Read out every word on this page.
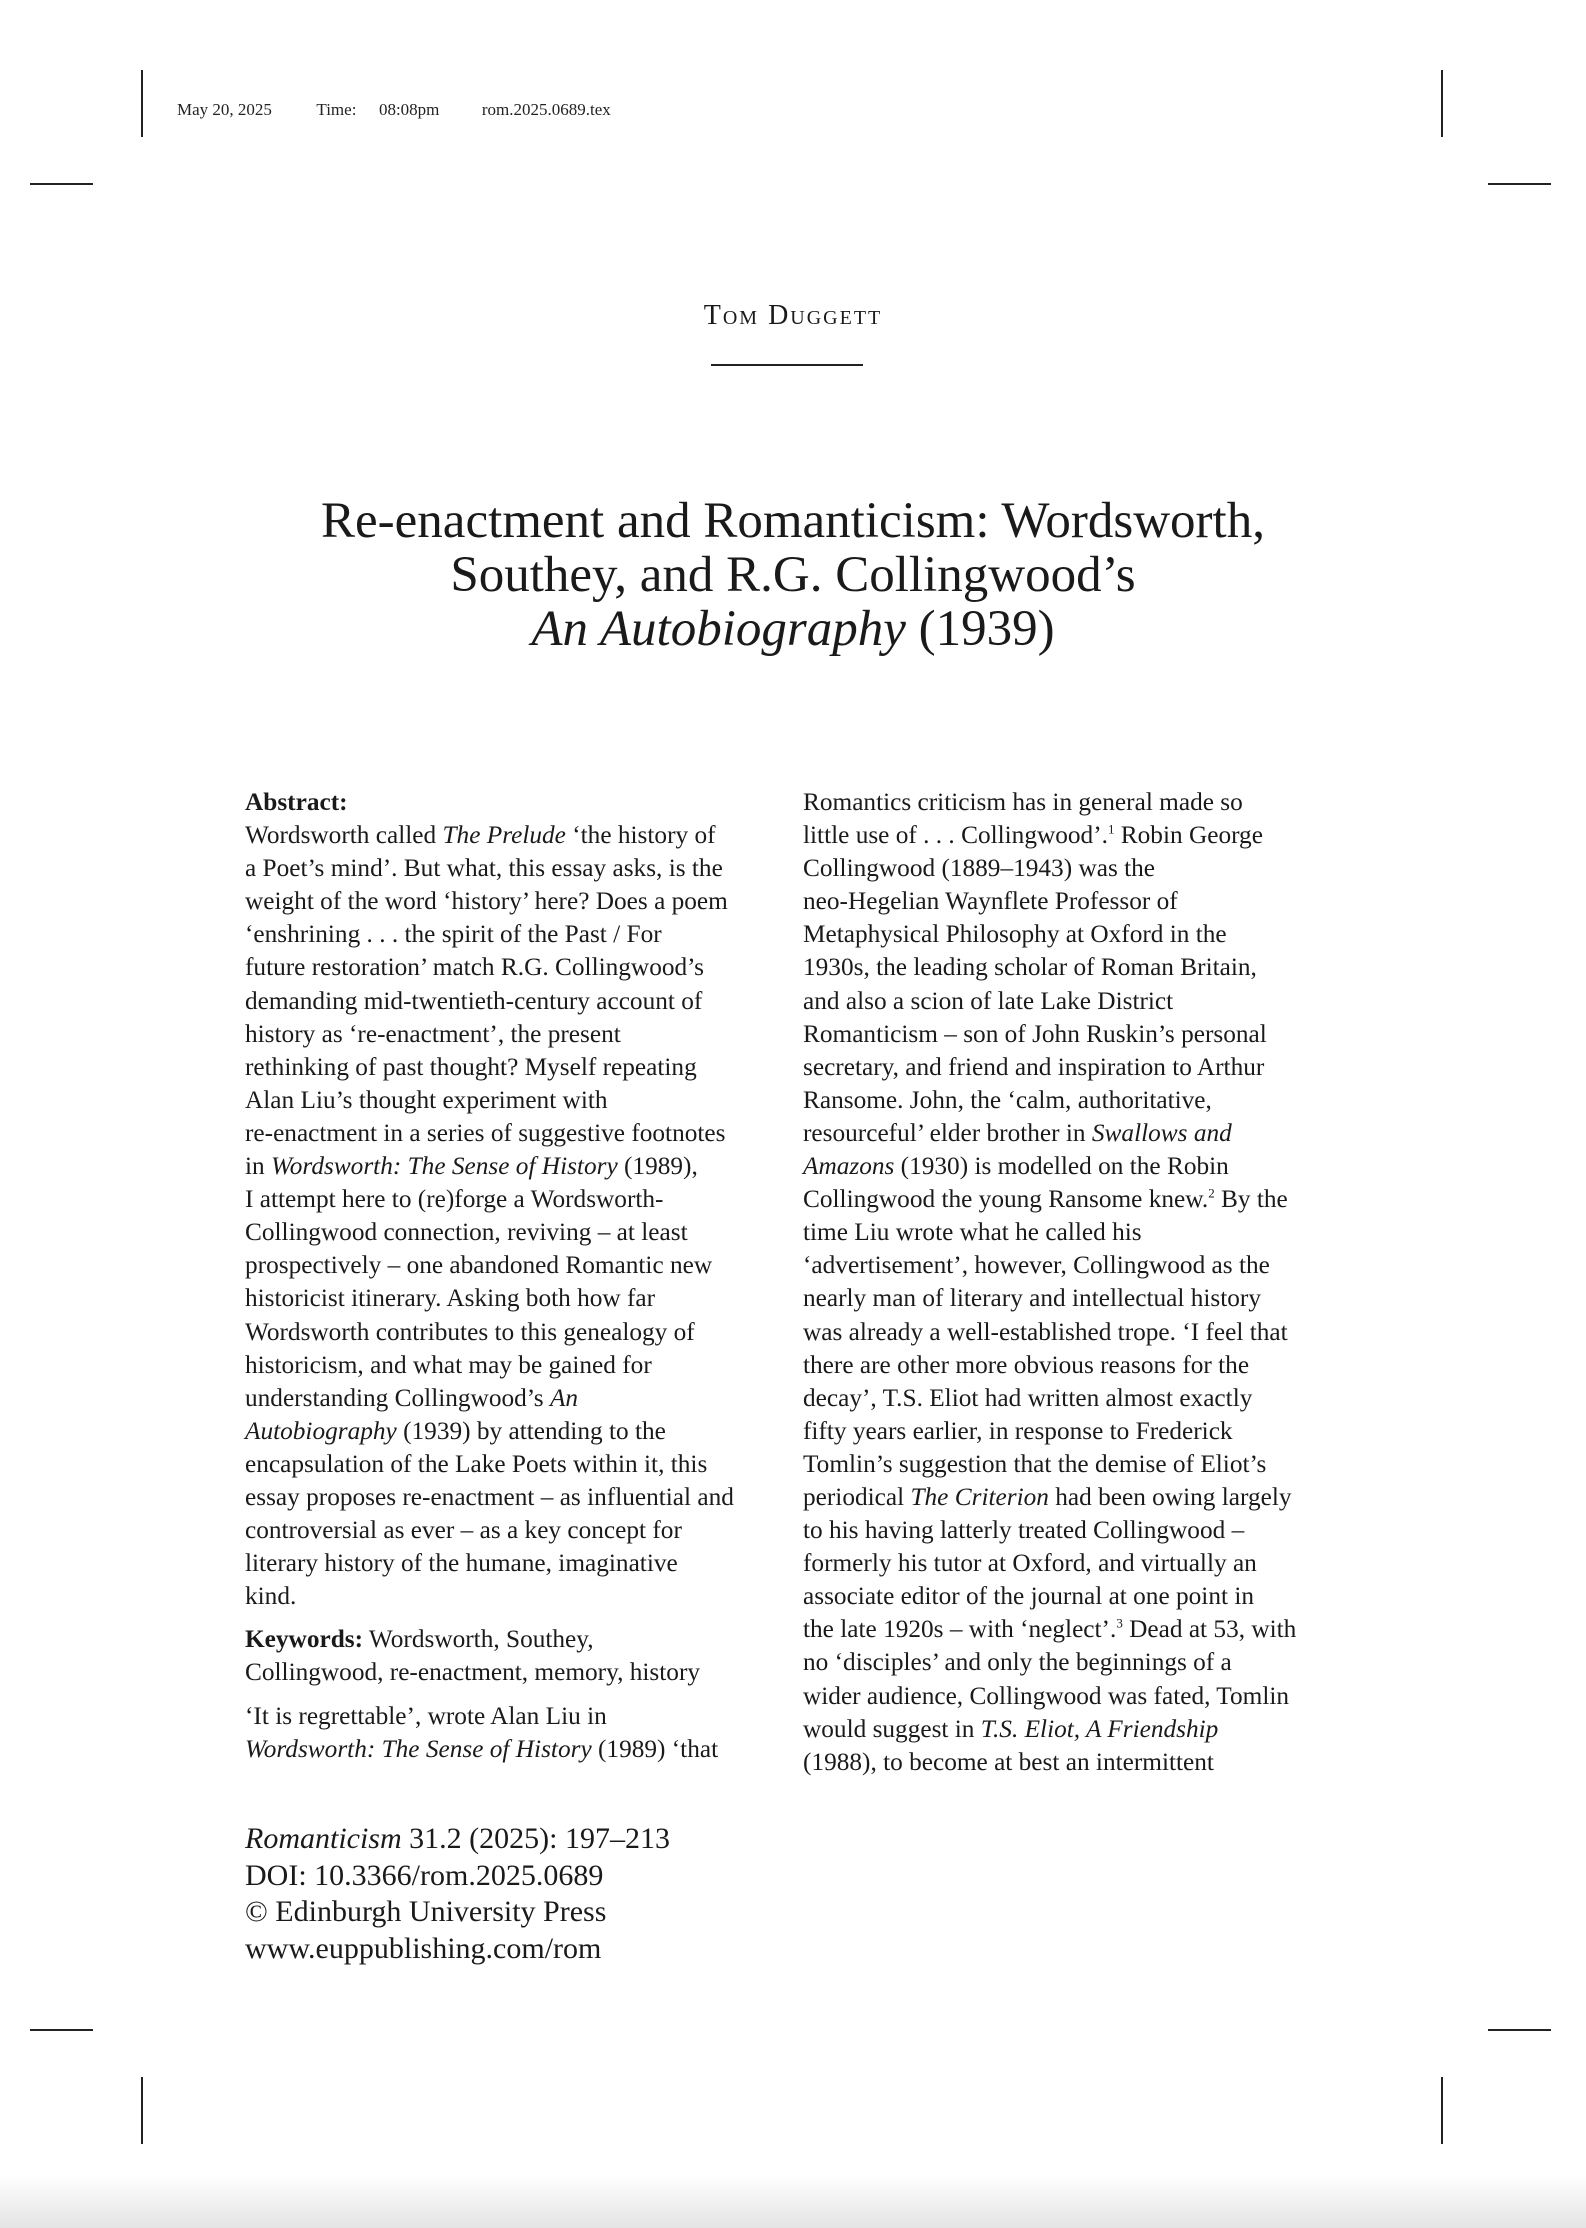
May 20, 2025	Time: 08:08pm	rom.2025.0689.tex
Tom Duggett
Re-enactment and Romanticism: Wordsworth,
Southey, and R.G. Collingwood’s
An Autobiography (1939)
Abstract:
Wordsworth called The Prelude ‘the history of
a Poet’s mind’. But what, this essay asks, is the
weight of the word ‘history’ here? Does a poem
‘enshrining . . . the spirit of the Past / For
future restoration’ match R.G. Collingwood’s
demanding mid-twentieth-century account of
history as ‘re-enactment’, the present
rethinking of past thought? Myself repeating
Alan Liu’s thought experiment with
re-enactment in a series of suggestive footnotes
in Wordsworth: The Sense of History (1989),
I attempt here to (re)forge a Wordsworth-
Collingwood connection, reviving – at least
prospectively – one abandoned Romantic new
historicist itinerary. Asking both how far
Wordsworth contributes to this genealogy of
historicism, and what may be gained for
understanding Collingwood’s An
Autobiography (1939) by attending to the
encapsulation of the Lake Poets within it, this
essay proposes re-enactment – as influential and
controversial as ever – as a key concept for
literary history of the humane, imaginative
kind.
Keywords: Wordsworth, Southey,
Collingwood, re-enactment, memory, history
‘It is regrettable’, wrote Alan Liu in
Wordsworth: The Sense of History (1989) ‘that
Romantics criticism has in general made so
little use of . . . Collingwood’.$^1$ Robin George
Collingwood (1889–1943) was the
neo-Hegelian Waynflete Professor of
Metaphysical Philosophy at Oxford in the
1930s, the leading scholar of Roman Britain,
and also a scion of late Lake District
Romanticism – son of John Ruskin’s personal
secretary, and friend and inspiration to Arthur
Ransome. John, the ‘calm, authoritative,
resourceful’ elder brother in Swallows and
Amazons (1930) is modelled on the Robin
Collingwood the young Ransome knew.$^2$ By the
time Liu wrote what he called his
‘advertisement’, however, Collingwood as the
nearly man of literary and intellectual history
was already a well-established trope. ‘I feel that
there are other more obvious reasons for the
decay’, T.S. Eliot had written almost exactly
fifty years earlier, in response to Frederick
Tomlin’s suggestion that the demise of Eliot’s
periodical The Criterion had been owing largely
to his having latterly treated Collingwood –
formerly his tutor at Oxford, and virtually an
associate editor of the journal at one point in
the late 1920s – with ‘neglect’.$^3$ Dead at 53, with
no ‘disciples’ and only the beginnings of a
wider audience, Collingwood was fated, Tomlin
would suggest in T.S. Eliot, A Friendship
(1988), to become at best an intermittent
Romanticism 31.2 (2025): 197–213
DOI: 10.3366/rom.2025.0689
© Edinburgh University Press
www.euppublishing.com/rom
